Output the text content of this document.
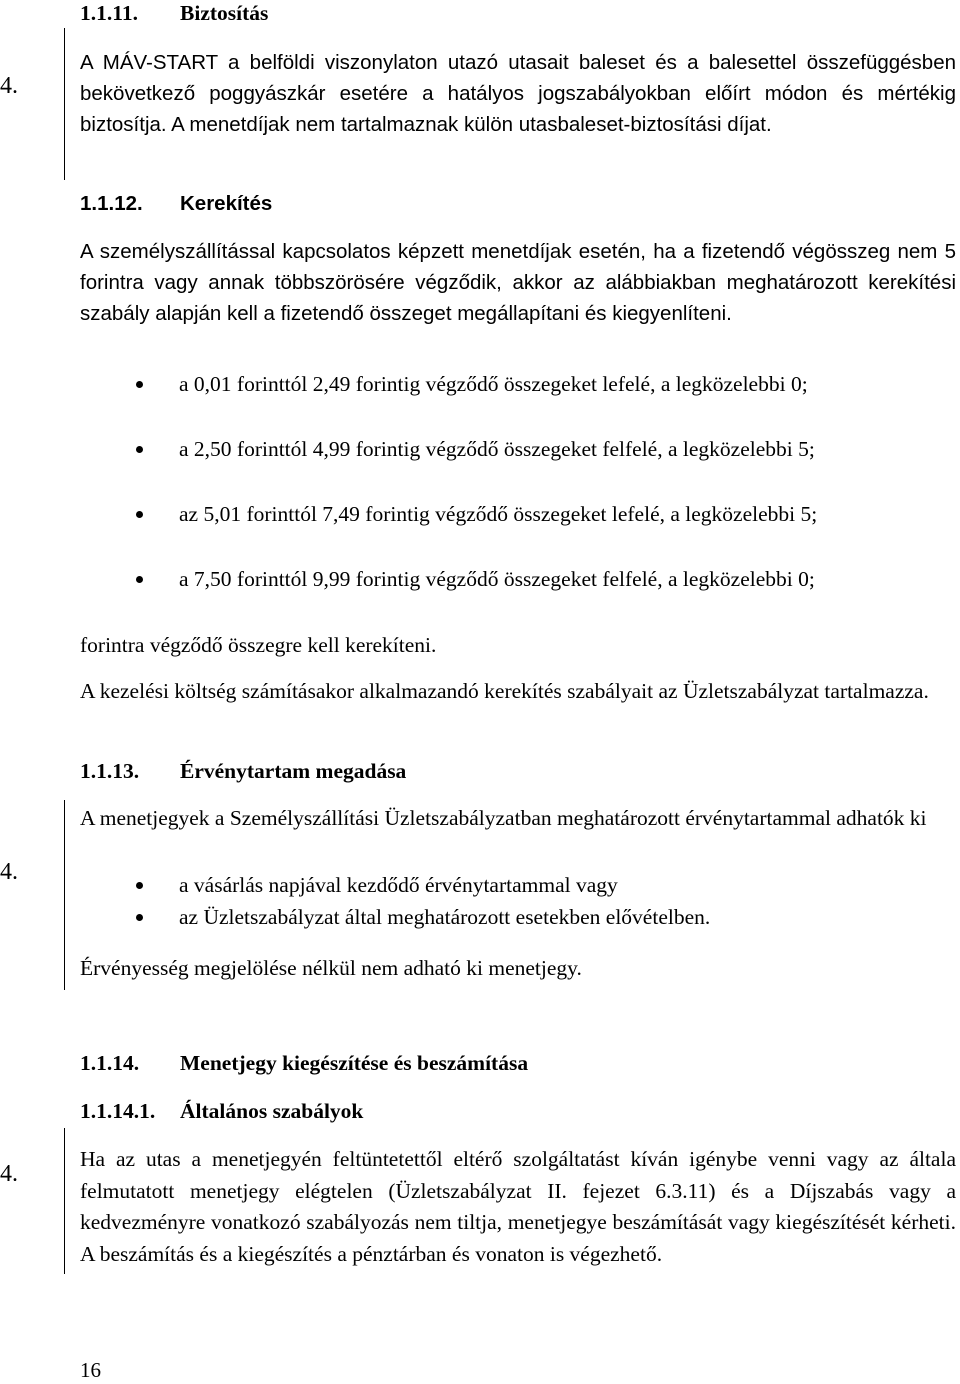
4.
4.
4.
1.1.11. Biztosítás
A MÁV-START a belföldi viszonylaton utazó utasait baleset és a balesettel összefüggésben bekövetkező poggyászkár esetére a hatályos jogszabályokban előírt módon és mértékig biztosítja. A menetdíjak nem tartalmaznak külön utasbaleset-biztosítási díjat.
1.1.12. Kerekítés
A személyszállítással kapcsolatos képzett menetdíjak esetén, ha a fizetendő végösszeg nem 5 forintra vagy annak többszörösére végződik, akkor az alábbiakban meghatározott kerekítési szabály alapján kell a fizetendő összeget megállapítani és kiegyenlíteni.
a 0,01 forinttól 2,49 forintig végződő összegeket lefelé, a legközelebbi 0;
a 2,50 forinttól 4,99 forintig végződő összegeket felfelé, a legközelebbi 5;
az 5,01 forinttól 7,49 forintig végződő összegeket lefelé, a legközelebbi 5;
a 7,50 forinttól 9,99 forintig végződő összegeket felfelé, a legközelebbi 0;
forintra végződő összegre kell kerekíteni.
A kezelési költség számításakor alkalmazandó kerekítés szabályait az Üzletszabályzat tartalmazza.
1.1.13. Érvénytartam megadása
A menetjegyek a Személyszállítási Üzletszabályzatban meghatározott érvénytartammal adhatók ki
a vásárlás napjával kezdődő érvénytartammal vagy
az Üzletszabályzat által meghatározott esetekben elővételben.
Érvényesség megjelölése nélkül nem adható ki menetjegy.
1.1.14. Menetjegy kiegészítése és beszámítása
1.1.14.1. Általános szabályok
Ha az utas a menetjegyén feltüntetettől eltérő szolgáltatást kíván igénybe venni vagy az általa felmutatott menetjegy elégtelen (Üzletszabályzat II. fejezet 6.3.11) és a Díjszabás vagy a kedvezményre vonatkozó szabályozás nem tiltja, menetjegye beszámítását vagy kiegészítését kérheti. A beszámítás és a kiegészítés a pénztárban és vonaton is végezhető.
16
